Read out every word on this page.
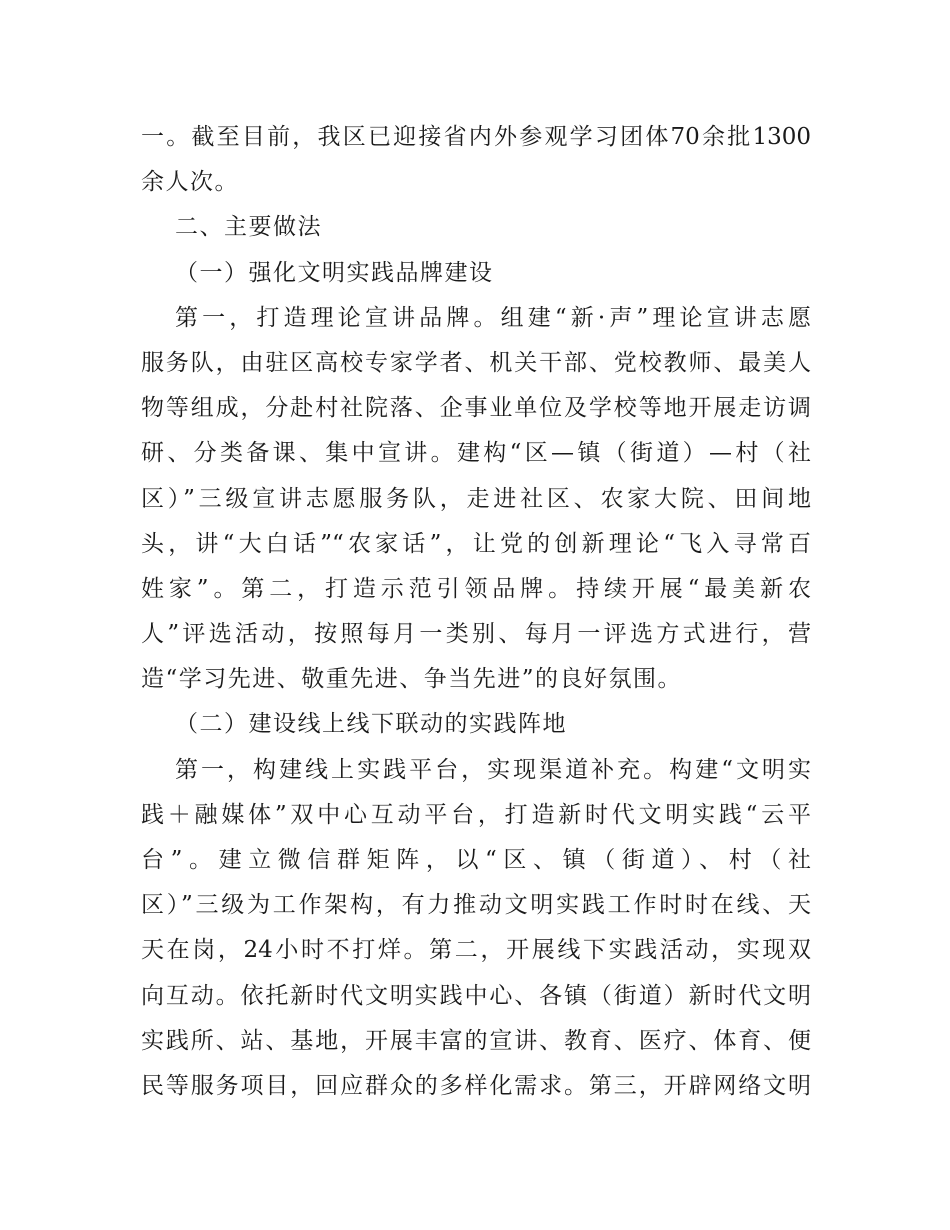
一。截至目前，我区已迎接省内外参观学习团体70余批1300
余人次。
二、主要做法
（一）强化文明实践品牌建设
第一，打造理论宣讲品牌。组建“新·声”理论宣讲志愿
服务队，由驻区高校专家学者、机关干部、党校教师、最美人
物等组成，分赴村社院落、企事业单位及学校等地开展走访调
研、分类备课、集中宣讲。建构“区—镇（街道）—村（社
区）”三级宣讲志愿服务队，走进社区、农家大院、田间地
头，讲“大白话”“农家话”，让党的创新理论“飞入寻常百
姓家”。第二，打造示范引领品牌。持续开展“最美新农
人”评选活动，按照每月一类别、每月一评选方式进行，营
造“学习先进、敬重先进、争当先进”的良好氛围。
（二）建设线上线下联动的实践阵地
第一，构建线上实践平台，实现渠道补充。构建“文明实
践＋融媒体”双中心互动平台，打造新时代文明实践“云平
台”。建立微信群矩阵，以“区、镇（街道）、村（社
区）”三级为工作架构，有力推动文明实践工作时时在线、天
天在岗，24小时不打烊。第二，开展线下实践活动，实现双
向互动。依托新时代文明实践中心、各镇（街道）新时代文明
实践所、站、基地，开展丰富的宣讲、教育、医疗、体育、便
民等服务项目，回应群众的多样化需求。第三，开辟网络文明
